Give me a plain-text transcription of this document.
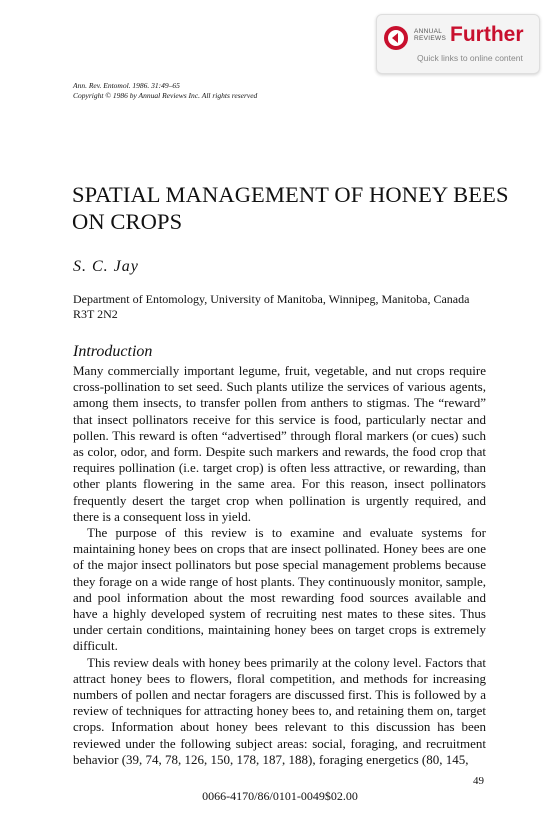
ANNUAL
REVIEWS Further
Quick links to online content
Ann. Rev. Entomol. 1986. 31:49–65
Copyright © 1986 by Annual Reviews Inc. All rights reserved
SPATIAL MANAGEMENT OF HONEY BEES ON CROPS
S. C. Jay
Department of Entomology, University of Manitoba, Winnipeg, Manitoba, Canada R3T 2N2
Introduction

Many commercially important legume, fruit, vegetable, and nut crops require cross-pollination to set seed. Such plants utilize the services of various agents, among them insects, to transfer pollen from anthers to stigmas. The “reward” that insect pollinators receive for this service is food, particularly nectar and pollen. This reward is often “advertised” through floral markers (or cues) such as color, odor, and form. Despite such markers and rewards, the food crop that requires pollination (i.e. target crop) is often less attractive, or rewarding, than other plants flowering in the same area. For this reason, insect pollinators frequently desert the target crop when pollination is urgently required, and there is a consequent loss in yield.

The purpose of this review is to examine and evaluate systems for maintaining honey bees on crops that are insect pollinated. Honey bees are one of the major insect pollinators but pose special management problems because they forage on a wide range of host plants. They continuously monitor, sample, and pool information about the most rewarding food sources available and have a highly developed system of recruiting nest mates to these sites. Thus under certain conditions, maintaining honey bees on target crops is extremely difficult.

This review deals with honey bees primarily at the colony level. Factors that attract honey bees to flowers, floral competition, and methods for increasing numbers of pollen and nectar foragers are discussed first. This is followed by a review of techniques for attracting honey bees to, and retaining them on, target crops. Information about honey bees relevant to this discussion has been reviewed under the following subject areas: social, foraging, and recruitment behavior (39, 74, 78, 126, 150, 178, 187, 188), foraging energetics (80, 145,

49
0066-4170/86/0101-0049$02.00
